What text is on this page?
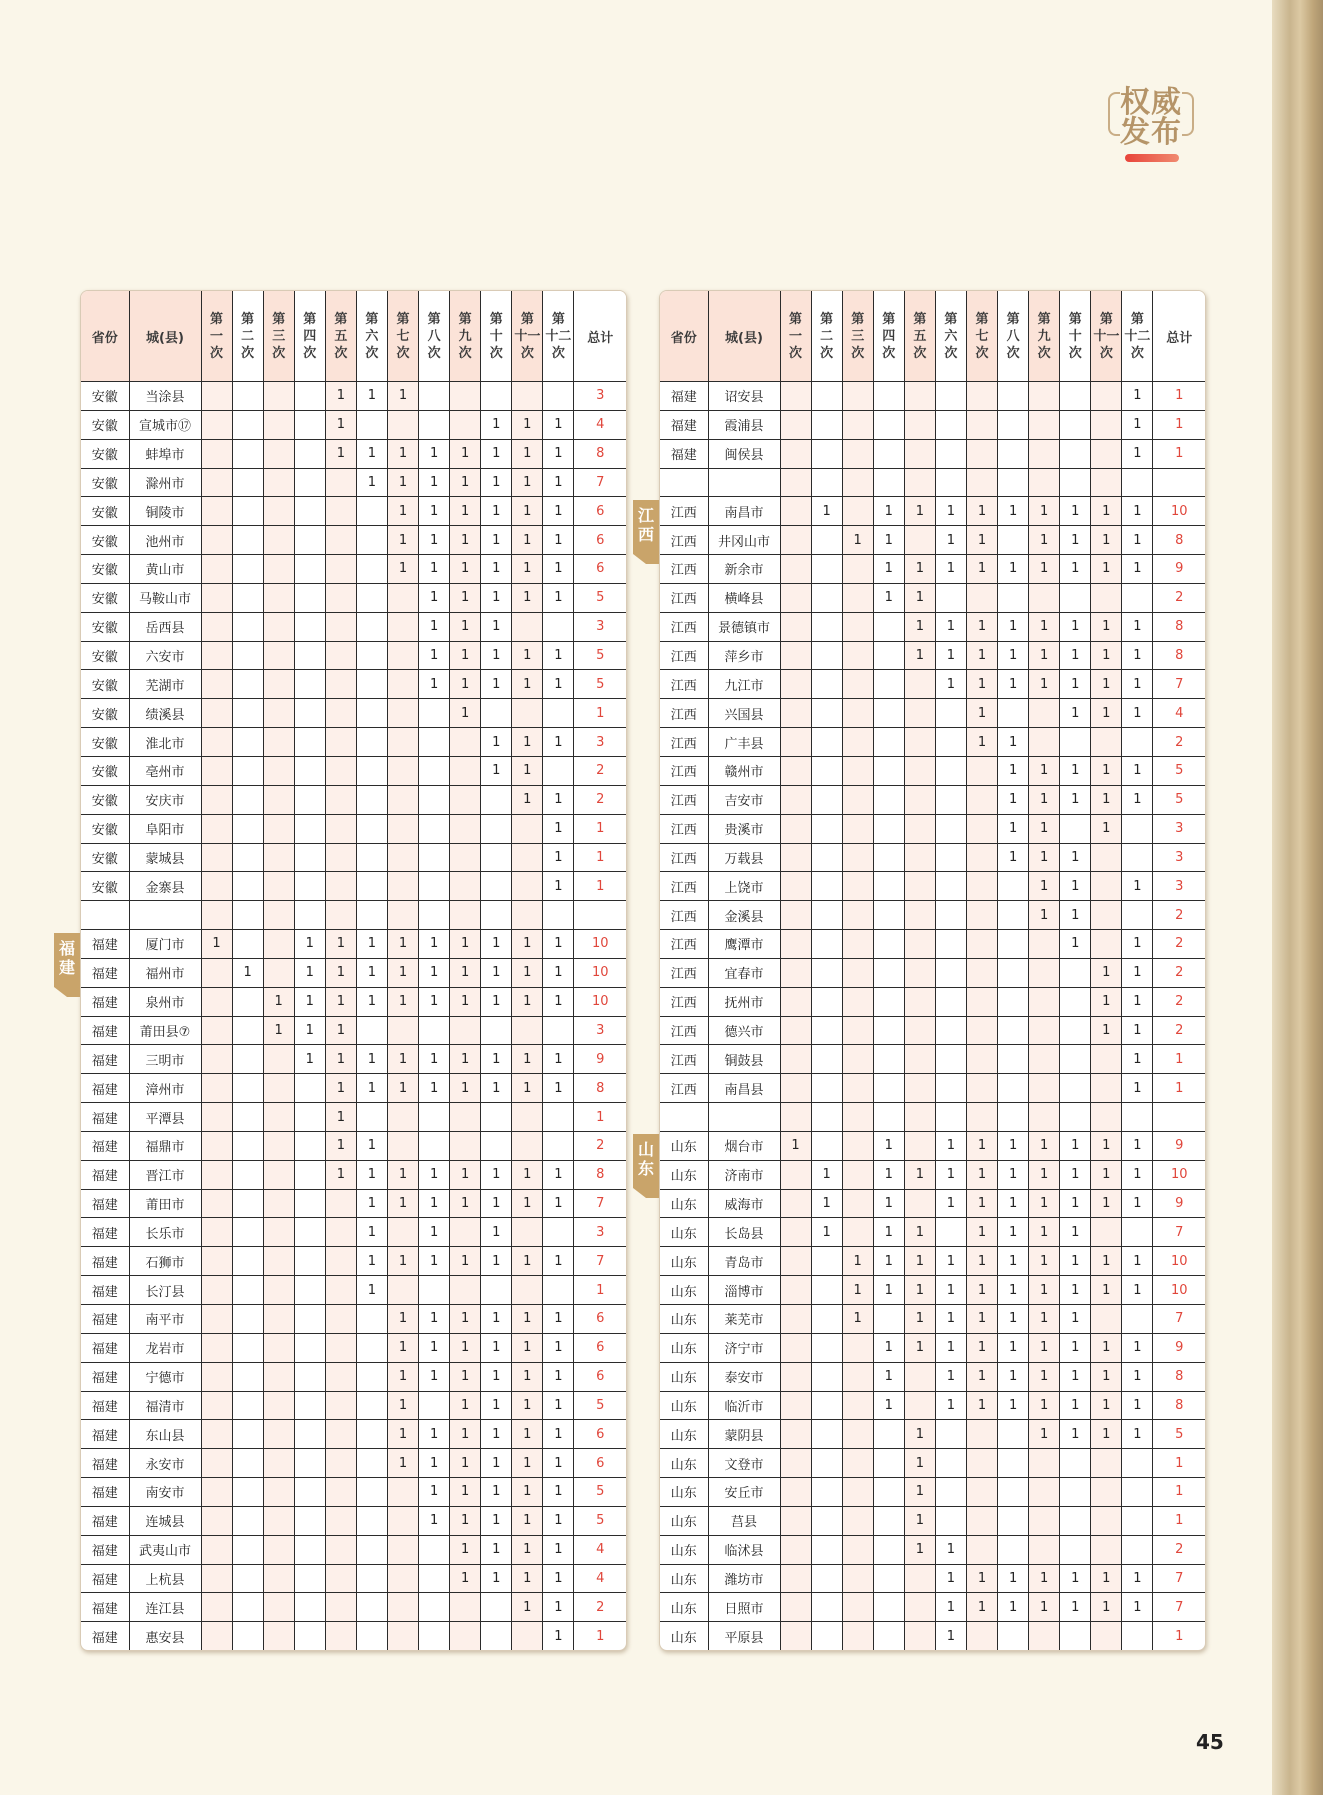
权威
发布
省份	城(县)	第
一
次	第
二
次	第
三
次	第
四
次	第
五
次	第
六
次	第
七
次	第
八
次	第
九
次	第
十
次	第
十一
次	第
十二
次	总计
安徽	当涂县					1	1	1						3
安徽	宣城市⑰					1					1	1	1	4
安徽	蚌埠市					1	1	1	1	1	1	1	1	8
安徽	滁州市						1	1	1	1	1	1	1	7
安徽	铜陵市							1	1	1	1	1	1	6
安徽	池州市							1	1	1	1	1	1	6
安徽	黄山市							1	1	1	1	1	1	6
安徽	马鞍山市								1	1	1	1	1	5
安徽	岳西县								1	1	1			3
安徽	六安市								1	1	1	1	1	5
安徽	芜湖市								1	1	1	1	1	5
安徽	绩溪县									1				1
安徽	淮北市										1	1	1	3
安徽	亳州市										1	1		2
安徽	安庆市											1	1	2
安徽	阜阳市												1	1
安徽	蒙城县												1	1
安徽	金寨县												1	1

福建	厦门市	1			1	1	1	1	1	1	1	1	1	10
福建	福州市		1		1	1	1	1	1	1	1	1	1	10
福建	泉州市			1	1	1	1	1	1	1	1	1	1	10
福建	莆田县⑦			1	1	1								3
福建	三明市				1	1	1	1	1	1	1	1	1	9
福建	漳州市					1	1	1	1	1	1	1	1	8
福建	平潭县					1								1
福建	福鼎市					1	1							2
福建	晋江市					1	1	1	1	1	1	1	1	8
福建	莆田市						1	1	1	1	1	1	1	7
福建	长乐市						1		1		1			3
福建	石狮市						1	1	1	1	1	1	1	7
福建	长汀县						1							1
福建	南平市							1	1	1	1	1	1	6
福建	龙岩市							1	1	1	1	1	1	6
福建	宁德市							1	1	1	1	1	1	6
福建	福清市							1		1	1	1	1	5
福建	东山县							1	1	1	1	1	1	6
福建	永安市							1	1	1	1	1	1	6
福建	南安市								1	1	1	1	1	5
福建	连城县								1	1	1	1	1	5
福建	武夷山市									1	1	1	1	4
福建	上杭县									1	1	1	1	4
福建	连江县											1	1	2
福建	惠安县												1	1
省份	城(县)	第
一
次	第
二
次	第
三
次	第
四
次	第
五
次	第
六
次	第
七
次	第
八
次	第
九
次	第
十
次	第
十一
次	第
十二
次	总计
福建	诏安县												1	1
福建	霞浦县												1	1
福建	闽侯县												1	1

江西	南昌市		1		1	1	1	1	1	1	1	1	1	10
江西	井冈山市			1	1		1	1		1	1	1	1	8
江西	新余市				1	1	1	1	1	1	1	1	1	9
江西	横峰县				1	1								2
江西	景德镇市					1	1	1	1	1	1	1	1	8
江西	萍乡市					1	1	1	1	1	1	1	1	8
江西	九江市						1	1	1	1	1	1	1	7
江西	兴国县							1			1	1	1	4
江西	广丰县							1	1					2
江西	赣州市								1	1	1	1	1	5
江西	吉安市								1	1	1	1	1	5
江西	贵溪市								1	1		1		3
江西	万载县								1	1	1			3
江西	上饶市									1	1		1	3
江西	金溪县									1	1			2
江西	鹰潭市										1		1	2
江西	宜春市											1	1	2
江西	抚州市											1	1	2
江西	德兴市											1	1	2
江西	铜鼓县												1	1
江西	南昌县												1	1

山东	烟台市	1			1		1	1	1	1	1	1	1	9
山东	济南市		1		1	1	1	1	1	1	1	1	1	10
山东	威海市		1		1		1	1	1	1	1	1	1	9
山东	长岛县		1		1	1		1	1	1	1			7
山东	青岛市			1	1	1	1	1	1	1	1	1	1	10
山东	淄博市			1	1	1	1	1	1	1	1	1	1	10
山东	莱芜市			1		1	1	1	1	1	1			7
山东	济宁市				1	1	1	1	1	1	1	1	1	9
山东	泰安市				1		1	1	1	1	1	1	1	8
山东	临沂市				1		1	1	1	1	1	1	1	8
山东	蒙阴县					1				1	1	1	1	5
山东	文登市					1								1
山东	安丘市					1								1
山东	莒县					1								1
山东	临沭县					1	1							2
山东	潍坊市						1	1	1	1	1	1	1	7
山东	日照市						1	1	1	1	1	1	1	7
山东	平原县						1							1
福
建
江
西
山
东
45
